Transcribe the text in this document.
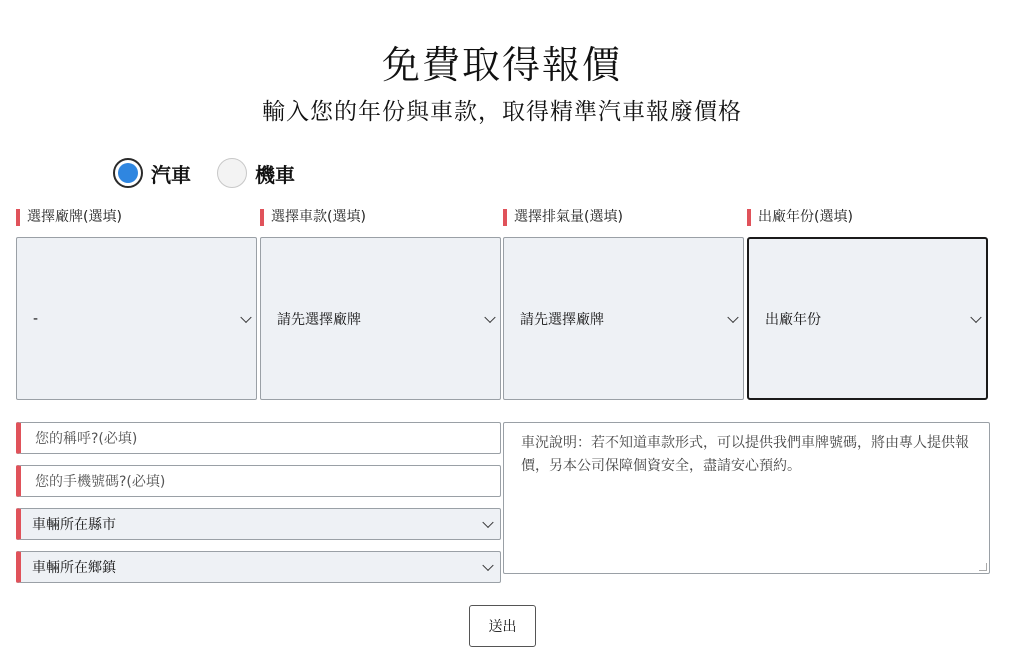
免費取得報價
輸入您的年份與車款，取得精準汽車報廢價格
汽車	機車
選擇廠牌(選填)	選擇車款(選填)	選擇排氣量(選填)	出廠年份(選填)
-	請先選擇廠牌	請先選擇廠牌	出廠年份
您的稱呼?(必填)
您的手機號碼?(必填)
車輛所在縣市
車輛所在鄉鎮
車況說明：若不知道車款形式，可以提供我們車牌號碼，將由專人提供報價，另本公司保障個資安全，盡請安心預約。
送出
